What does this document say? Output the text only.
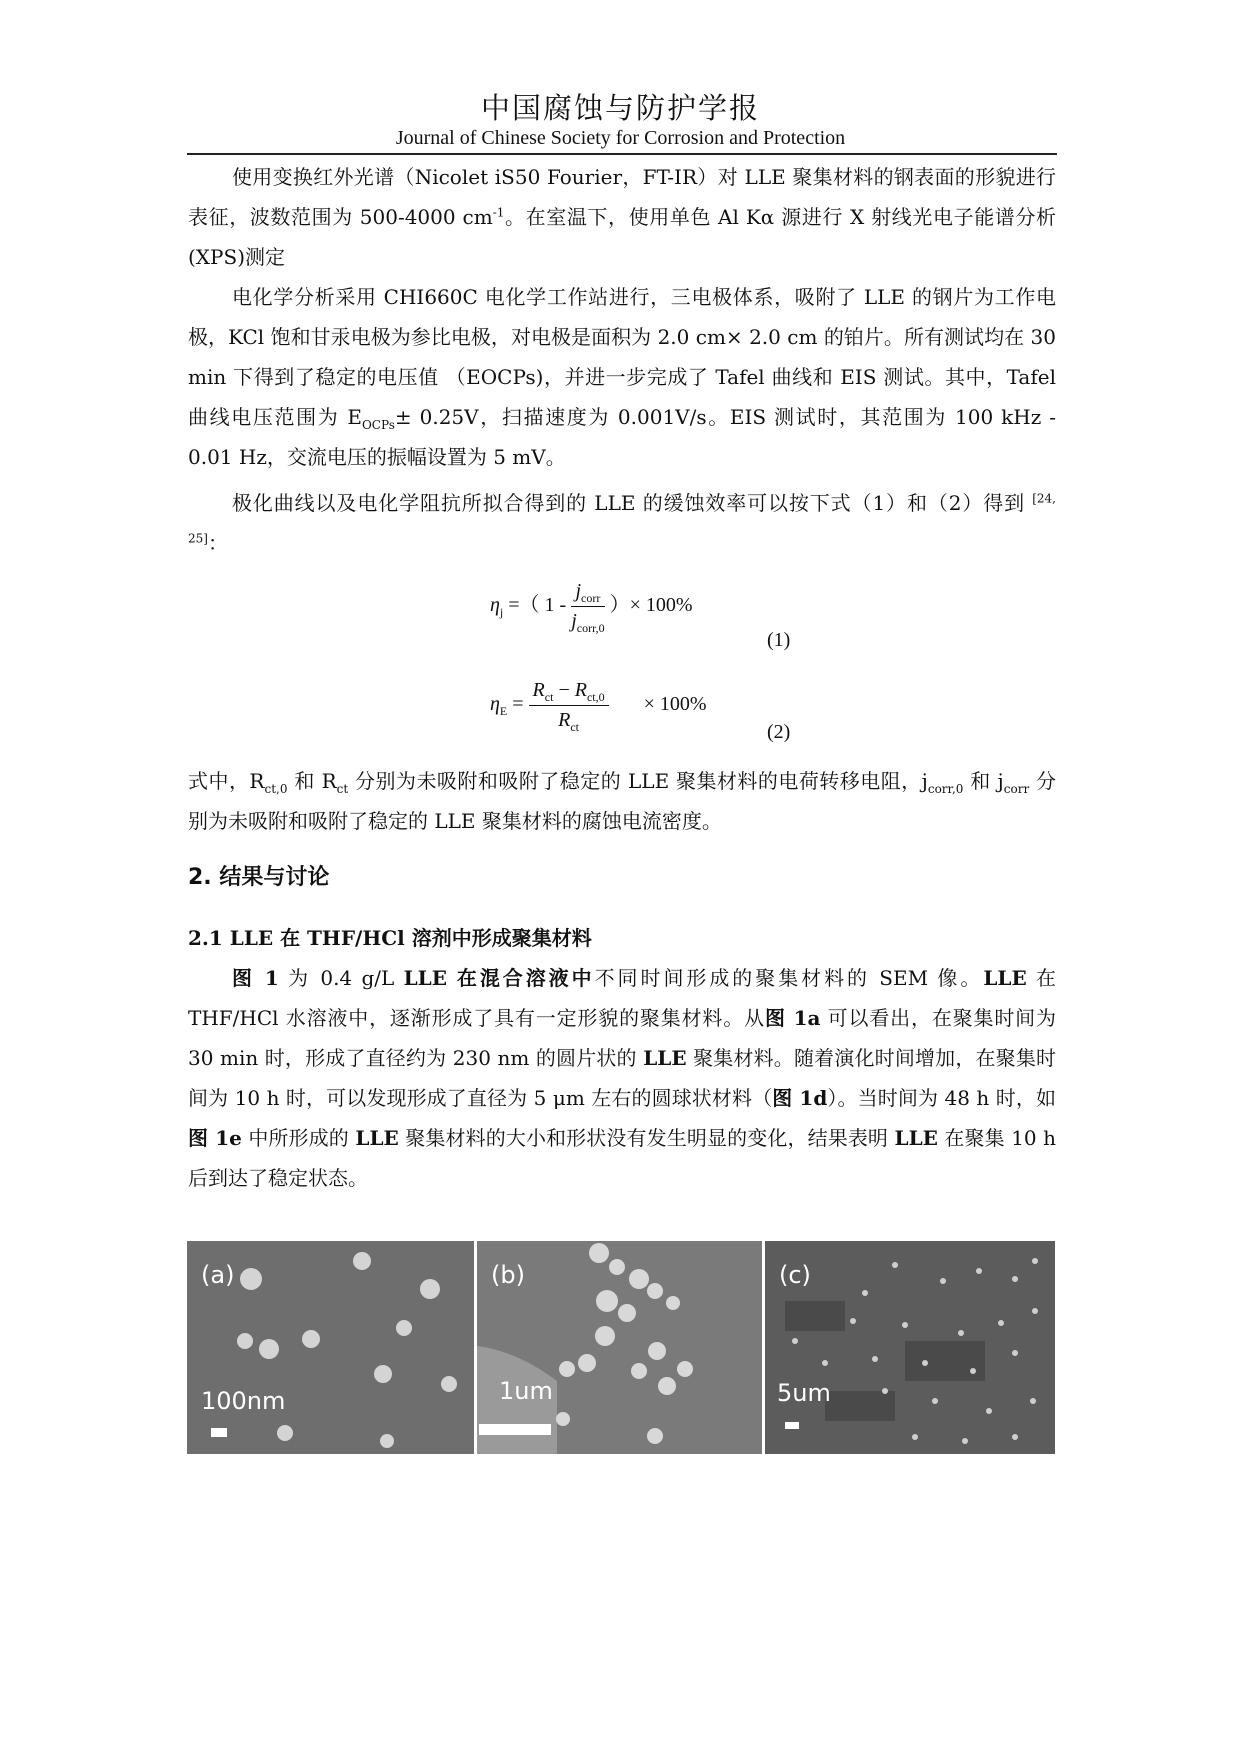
中国腐蚀与防护学报
Journal of Chinese Society for Corrosion and Protection

使用变换红外光谱（Nicolet iS50 Fourier，FT-IR）对 LLE 聚集材料的钢表面的形貌进行表征，波数范围为 500-4000 $cm^{-1}$。在室温下，使用单色 Al Kα 源进行 X 射线光电子能谱分析(XPS)测定

电化学分析采用 CHI660C 电化学工作站进行，三电极体系，吸附了 LLE 的钢片为工作电极，KCl 饱和甘汞电极为参比电极，对电极是面积为 2.0 cm× 2.0 cm 的铂片。所有测试均在 30 min 下得到了稳定的电压值 （EOCPs)，并进一步完成了 Tafel 曲线和 EIS 测试。其中，Tafel 曲线电压范围为 $E_{OCPs}\pm 0.25V$，扫描速度为 0.001V/s。EIS 测试时，其范围为 100 kHz - 0.01 Hz，交流电压的振幅设置为 5 mV。

极化曲线以及电化学阻抗所拟合得到的 LLE 的缓蚀效率可以按下式（1）和（2）得到 [24, 25]：

$\eta_j$ =（ $1 - \frac{j_{corr}}{j_{corr,0}}$ ）× 100%
(1)
$\eta_E = \frac{R_{ct} - R_{ct,0}}{R_{ct}} \times 100\%$
(2)

式中，$R_{ct,0}$ 和 $R_{ct}$ 分别为未吸附和吸附了稳定的 LLE 聚集材料的电荷转移电阻，$j_{corr,0}$ 和 $j_{corr}$ 分别为未吸附和吸附了稳定的 LLE 聚集材料的腐蚀电流密度。

2. 结果与讨论
2.1 LLE 在 THF/HCl 溶剂中形成聚集材料

图 1 为 0.4 g/L LLE 在混合溶液中不同时间形成的聚集材料的 SEM 像。LLE 在 THF/HCl 水溶液中，逐渐形成了具有一定形貌的聚集材料。从图 1a 可以看出，在聚集时间为 30 min 时，形成了直径约为 230 nm 的圆片状的 LLE 聚集材料。随着演化时间增加，在聚集时间为 10 h 时，可以发现形成了直径为 5 μm 左右的圆球状材料（图 1d）。当时间为 48 h 时，如图 1e 中所形成的 LLE 聚集材料的大小和形状没有发生明显的变化，结果表明 LLE 在聚集 10 h 后到达了稳定状态。

(a)
100nm
(b)
1um
(c)
5um
